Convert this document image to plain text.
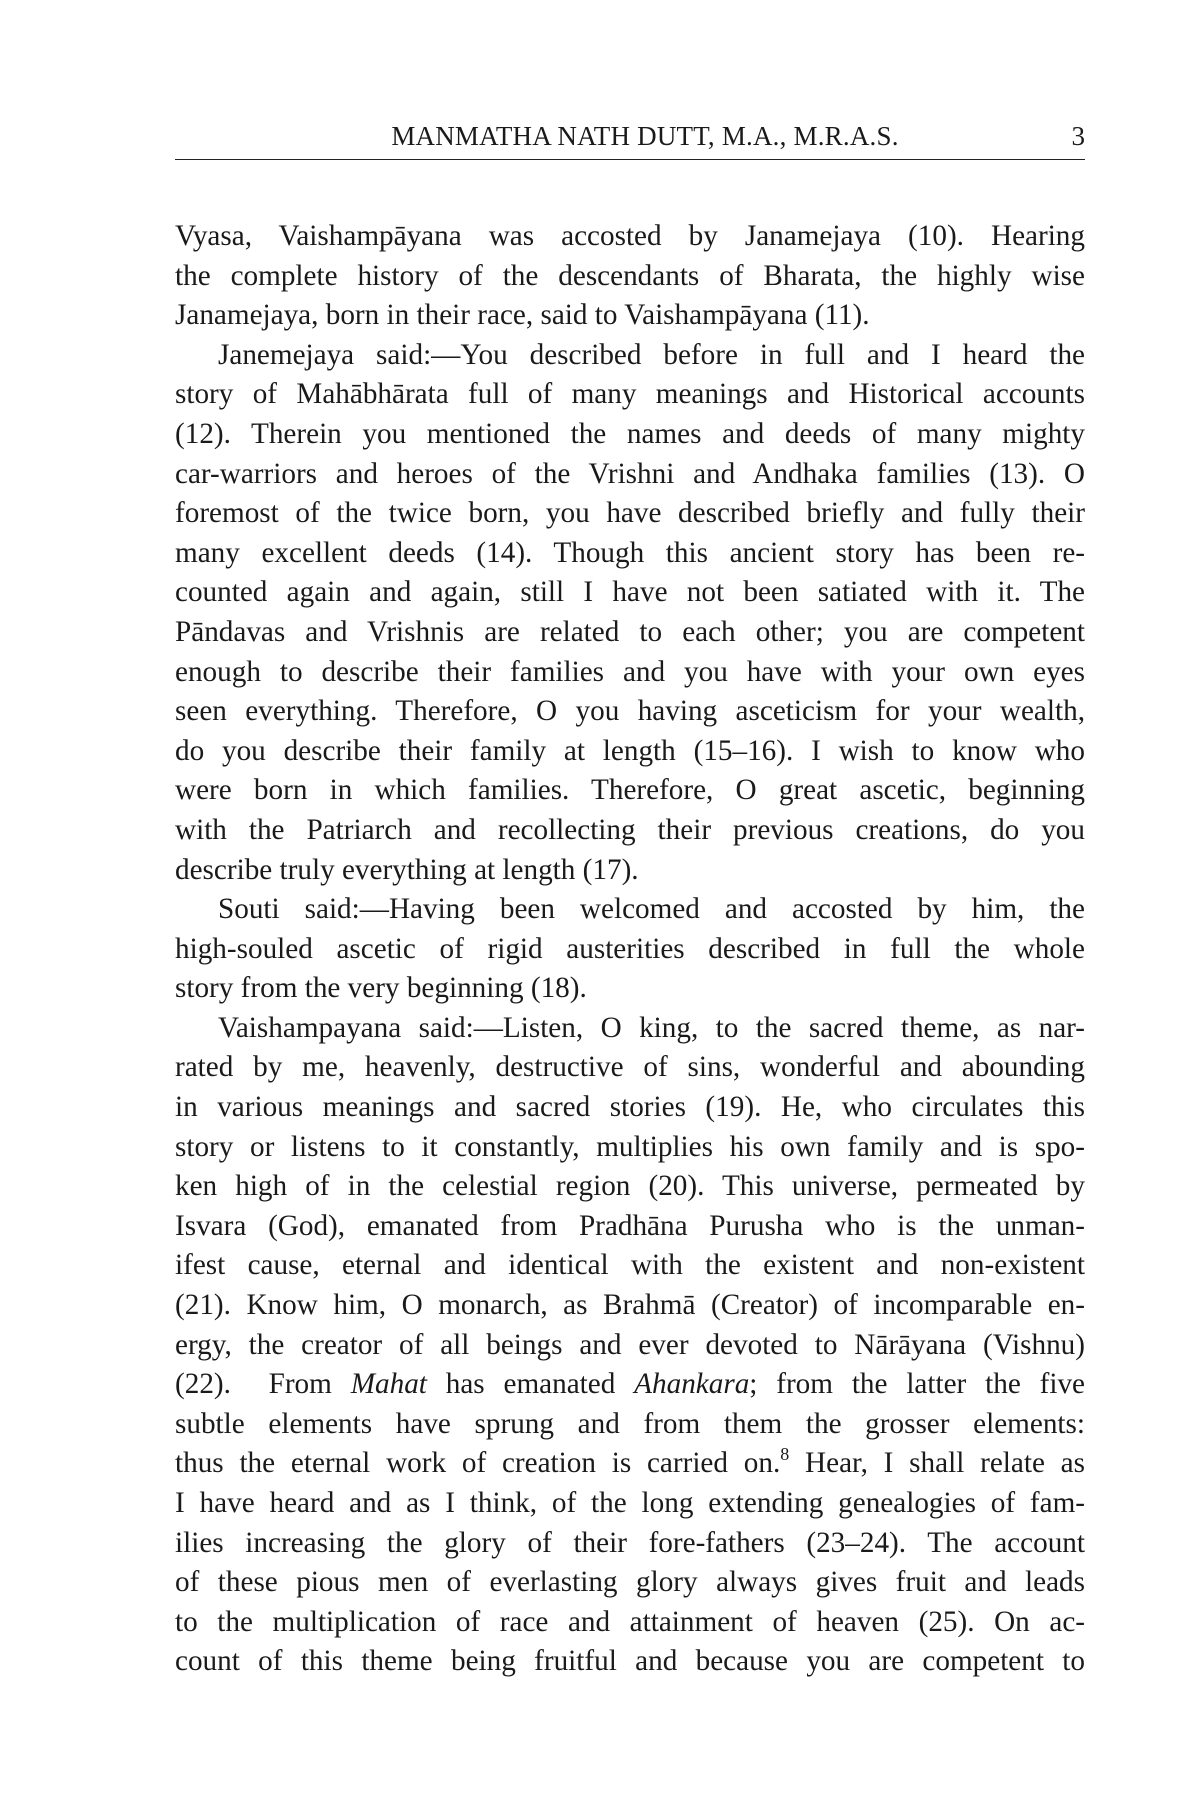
MANMATHA NATH DUTT, M.A., M.R.A.S.	3
Vyasa, Vaishampāyana was accosted by Janamejaya (10). Hearing
the complete history of the descendants of Bharata, the highly wise
Janamejaya, born in their race, said to Vaishampāyana (11).
Janemejaya said:—You described before in full and I heard the
story of Mahābhārata full of many meanings and Historical accounts
(12). Therein you mentioned the names and deeds of many mighty
car-warriors and heroes of the Vrishni and Andhaka families (13). O
foremost of the twice born, you have described briefly and fully their
many excellent deeds (14). Though this ancient story has been re-
counted again and again, still I have not been satiated with it. The
Pāndavas and Vrishnis are related to each other; you are competent
enough to describe their families and you have with your own eyes
seen everything. Therefore, O you having asceticism for your wealth,
do you describe their family at length (15–16). I wish to know who
were born in which families. Therefore, O great ascetic, beginning
with the Patriarch and recollecting their previous creations, do you
describe truly everything at length (17).
Souti said:—Having been welcomed and accosted by him, the
high-souled ascetic of rigid austerities described in full the whole
story from the very beginning (18).
Vaishampayana said:—Listen, O king, to the sacred theme, as nar-
rated by me, heavenly, destructive of sins, wonderful and abounding
in various meanings and sacred stories (19). He, who circulates this
story or listens to it constantly, multiplies his own family and is spo-
ken high of in the celestial region (20). This universe, permeated by
Isvara (God), emanated from Pradhāna Purusha who is the unman-
ifest cause, eternal and identical with the existent and non-existent
(21). Know him, O monarch, as Brahmā (Creator) of incomparable en-
ergy, the creator of all beings and ever devoted to Nārāyana (Vishnu)
(22).  From Mahat has emanated Ahankara; from the latter the five
subtle elements have sprung and from them the grosser elements:
thus the eternal work of creation is carried on.$^8$ Hear, I shall relate as
I have heard and as I think, of the long extending genealogies of fam-
ilies increasing the glory of their fore-fathers (23–24). The account
of these pious men of everlasting glory always gives fruit and leads
to the multiplication of race and attainment of heaven (25). On ac-
count of this theme being fruitful and because you are competent to
